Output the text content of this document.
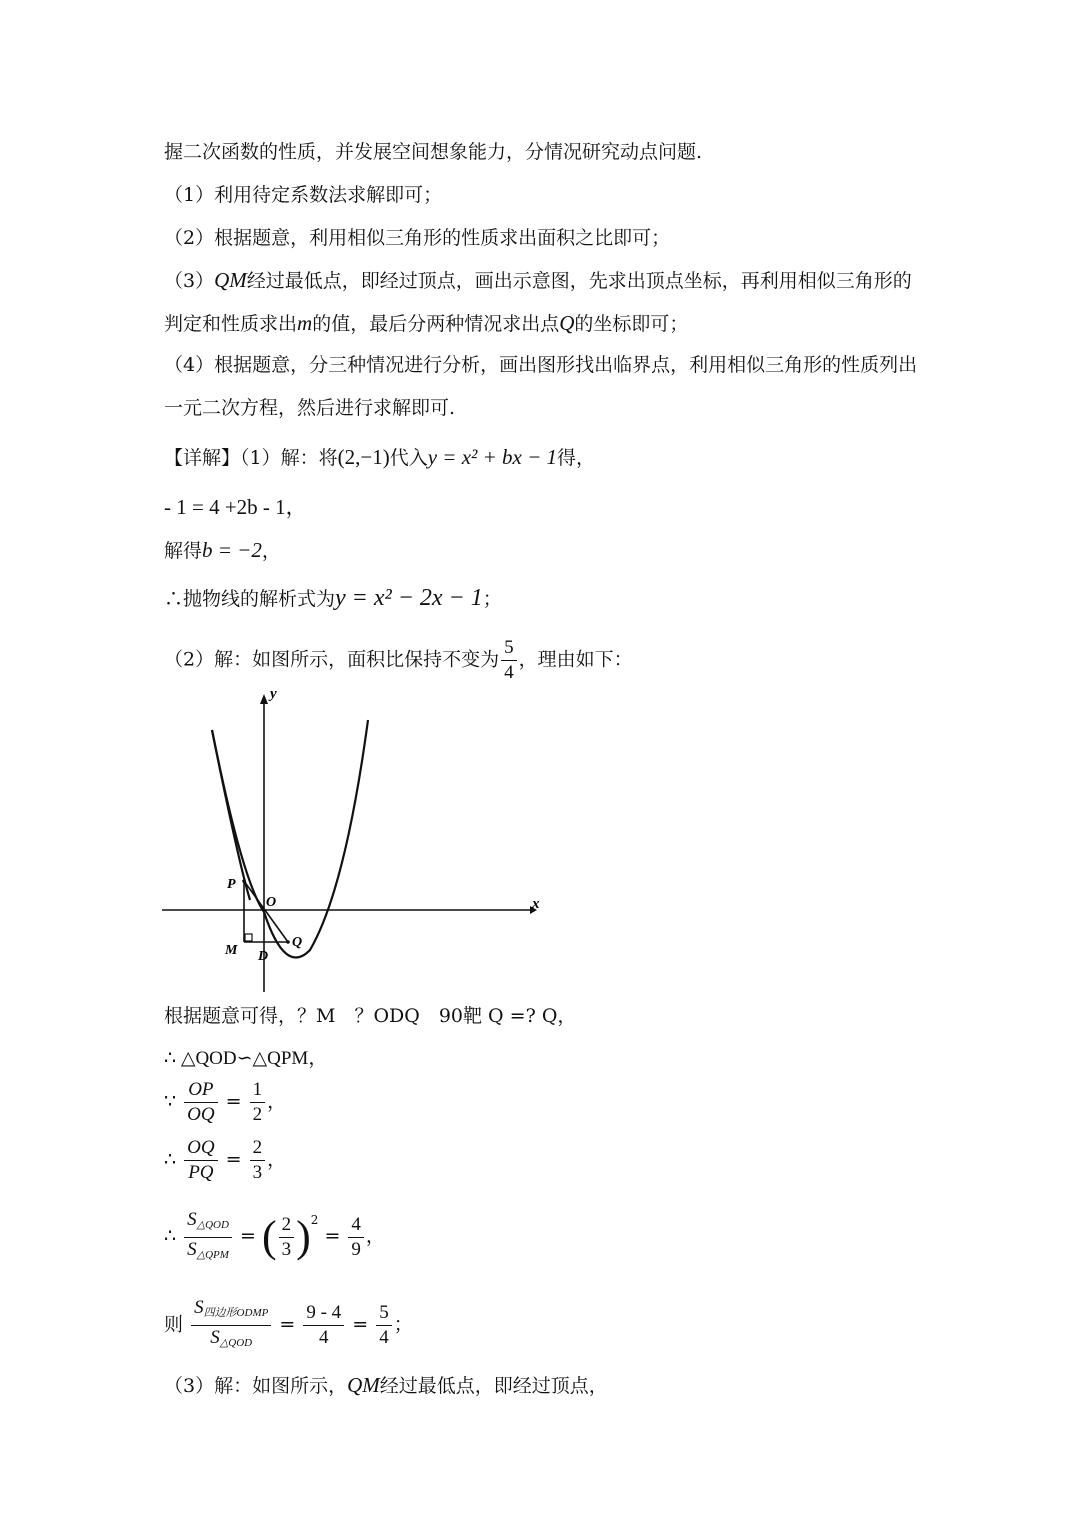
握二次函数的性质，并发展空间想象能力，分情况研究动点问题.
（1）利用待定系数法求解即可；
（2）根据题意，利用相似三角形的性质求出面积之比即可；
（3）QM经过最低点，即经过顶点，画出示意图，先求出顶点坐标，再利用相似三角形的
判定和性质求出m的值，最后分两种情况求出点Q的坐标即可；
（4）根据题意，分三种情况进行分析，画出图形找出临界点，利用相似三角形的性质列出
一元二次方程，然后进行求解即可.
【详解】（1）解：将(2,−1)代入y = x² + bx − 1得，
- 1 = 4 +2b - 1，
解得b = −2，
∴抛物线的解析式为y = x² − 2x − 1；
（2）解：如图所示，面积比保持不变为 $\frac{5}{4}$ ，理由如下：
y
x
P
O
M D
Q
根据题意可得，？M　？ODQ　90靶 Q =? Q，
∴ △QOD∽△QPM，
∵ $\frac{OP}{OQ} = \frac{1}{2}$ ，
∴ $\frac{OQ}{PQ} = \frac{2}{3}$ ，
∴ $\frac{S_{\triangle QOD}}{S_{\triangle QPM}}$ = ( $\frac{2}{3} )^2 = \frac{4}{9}$ ，
则 $\frac{S_{四边形ODMP}}{S_{\triangle QOD}} = \frac{9 - 4}{4} = \frac{5}{4}$ ；
（3）解：如图所示，QM经过最低点，即经过顶点，
